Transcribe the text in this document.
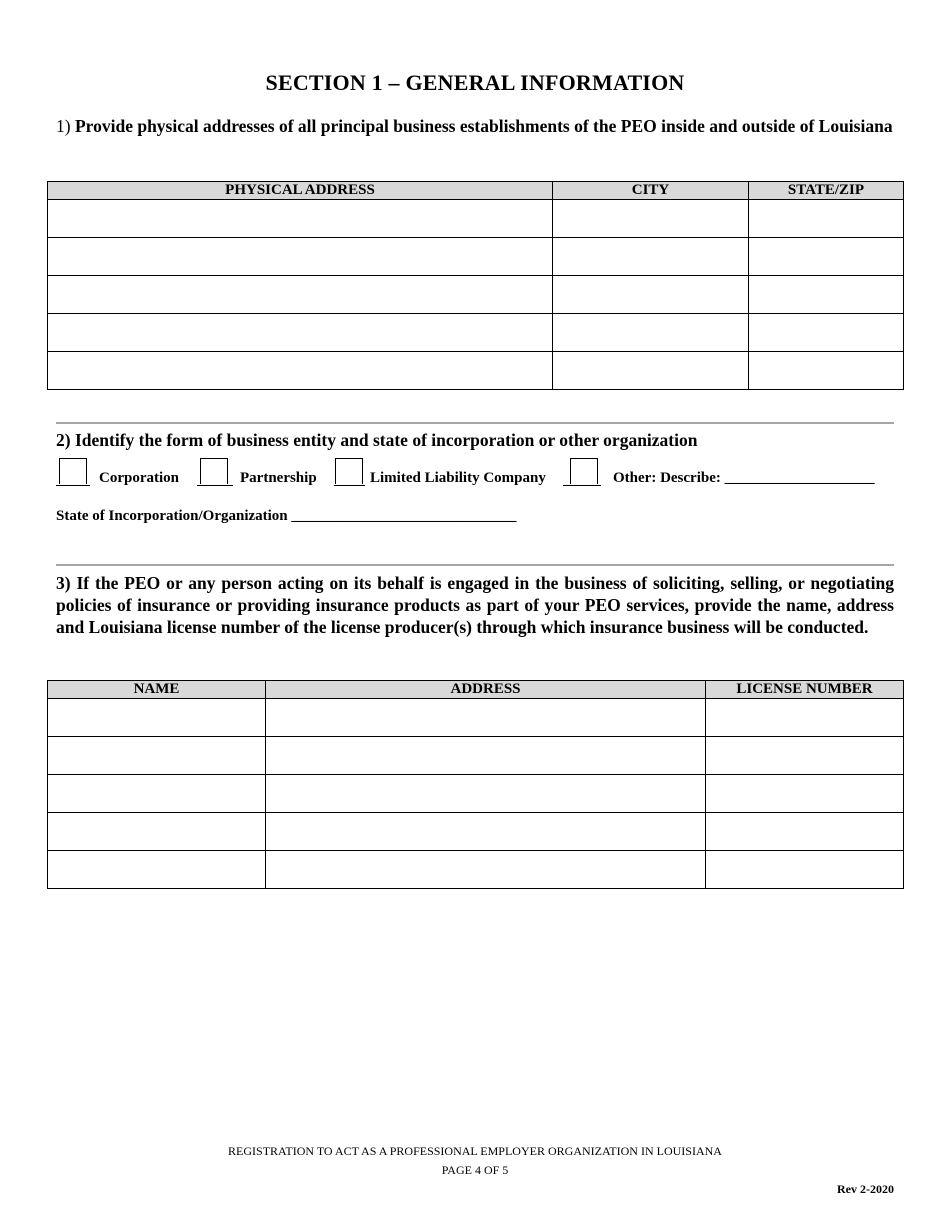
SECTION 1 – GENERAL INFORMATION
1) Provide physical addresses of all principal business establishments of the PEO inside and outside of Louisiana
PHYSICAL ADDRESS	CITY	STATE/ZIP

2) Identify the form of business entity and state of incorporation or other organization
Corporation	Partnership	Limited Liability Company	Other: Describe: ____________________
State of Incorporation/Organization ______________________________
3) If the PEO or any person acting on its behalf is engaged in the business of soliciting, selling, or negotiating policies of insurance or providing insurance products as part of your PEO services, provide the name, address and Louisiana license number of the license producer(s) through which insurance business will be conducted.
NAME	ADDRESS	LICENSE NUMBER

REGISTRATION TO ACT AS A PROFESSIONAL EMPLOYER ORGANIZATION IN LOUISIANA
PAGE 4 OF 5
Rev 2-2020
